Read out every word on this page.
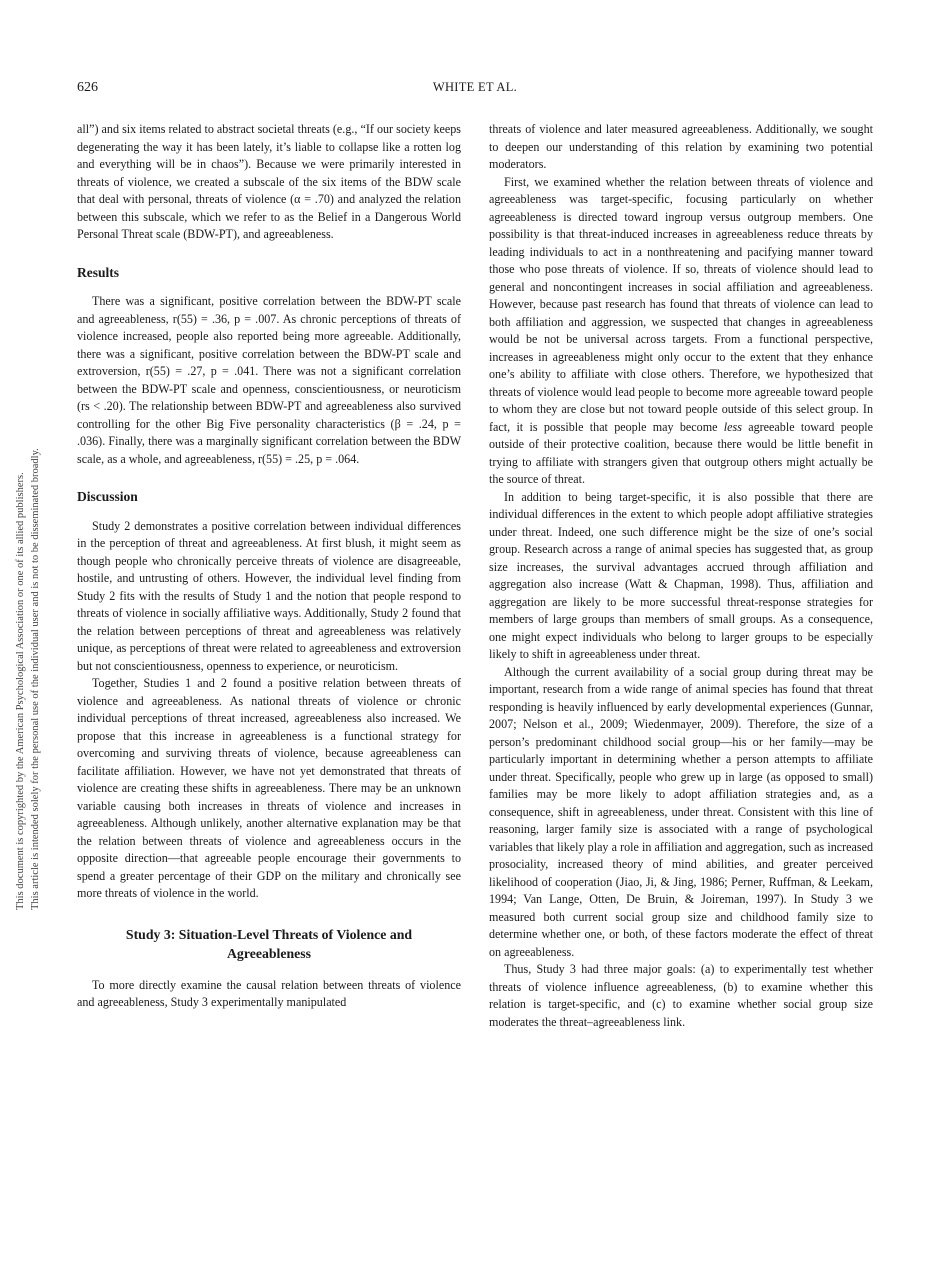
626	WHITE ET AL.
This document is copyrighted by the American Psychological Association or one of its allied publishers. This article is intended solely for the personal use of the individual user and is not to be disseminated broadly.

all”) and six items related to abstract societal threats (e.g., “If our society keeps degenerating the way it has been lately, it’s liable to collapse like a rotten log and everything will be in chaos”). Because we were primarily interested in threats of violence, we created a subscale of the six items of the BDW scale that deal with personal, threats of violence (α = .70) and analyzed the relation between this subscale, which we refer to as the Belief in a Dangerous World Personal Threat scale (BDW-PT), and agreeableness.

Results

There was a significant, positive correlation between the BDW-PT scale and agreeableness, r(55) = .36, p = .007. As chronic perceptions of threats of violence increased, people also reported being more agreeable. Additionally, there was a significant, positive correlation between the BDW-PT scale and extroversion, r(55) = .27, p = .041. There was not a significant correlation between the BDW-PT scale and openness, conscientiousness, or neuroticism (rs < .20). The relationship between BDW-PT and agreeableness also survived controlling for the other Big Five personality characteristics (β = .24, p = .036). Finally, there was a marginally significant correlation between the BDW scale, as a whole, and agreeableness, r(55) = .25, p = .064.

Discussion

Study 2 demonstrates a positive correlation between individual differences in the perception of threat and agreeableness. At first blush, it might seem as though people who chronically perceive threats of violence are disagreeable, hostile, and untrusting of others. However, the individual level finding from Study 2 fits with the results of Study 1 and the notion that people respond to threats of violence in socially affiliative ways. Additionally, Study 2 found that the relation between perceptions of threat and agreeableness was relatively unique, as perceptions of threat were related to agreeableness and extroversion but not conscientiousness, openness to experience, or neuroticism.

Together, Studies 1 and 2 found a positive relation between threats of violence and agreeableness. As national threats of violence or chronic individual perceptions of threat increased, agreeableness also increased. We propose that this increase in agreeableness is a functional strategy for overcoming and surviving threats of violence, because agreeableness can facilitate affiliation. However, we have not yet demonstrated that threats of violence are creating these shifts in agreeableness. There may be an unknown variable causing both increases in threats of violence and increases in agreeableness. Although unlikely, another alternative explanation may be that the relation between threats of violence and agreeableness occurs in the opposite direction—that agreeable people encourage their governments to spend a greater percentage of their GDP on the military and chronically see more threats of violence in the world.

Study 3: Situation-Level Threats of Violence and Agreeableness

To more directly examine the causal relation between threats of violence and agreeableness, Study 3 experimentally manipulated

threats of violence and later measured agreeableness. Additionally, we sought to deepen our understanding of this relation by examining two potential moderators.

First, we examined whether the relation between threats of violence and agreeableness was target-specific, focusing particularly on whether agreeableness is directed toward ingroup versus outgroup members. One possibility is that threat-induced increases in agreeableness reduce threats by leading individuals to act in a nonthreatening and pacifying manner toward those who pose threats of violence. If so, threats of violence should lead to general and noncontingent increases in social affiliation and agreeableness. However, because past research has found that threats of violence can lead to both affiliation and aggression, we suspected that changes in agreeableness would be not be universal across targets. From a functional perspective, increases in agreeableness might only occur to the extent that they enhance one’s ability to affiliate with close others. Therefore, we hypothesized that threats of violence would lead people to become more agreeable toward people to whom they are close but not toward people outside of this select group. In fact, it is possible that people may become less agreeable toward people outside of their protective coalition, because there would be little benefit in trying to affiliate with strangers given that outgroup others might actually be the source of threat.

In addition to being target-specific, it is also possible that there are individual differences in the extent to which people adopt affiliative strategies under threat. Indeed, one such difference might be the size of one’s social group. Research across a range of animal species has suggested that, as group size increases, the survival advantages accrued through affiliation and aggregation also increase (Watt & Chapman, 1998). Thus, affiliation and aggregation are likely to be more successful threat-response strategies for members of large groups than members of small groups. As a consequence, one might expect individuals who belong to larger groups to be especially likely to shift in agreeableness under threat.

Although the current availability of a social group during threat may be important, research from a wide range of animal species has found that threat responding is heavily influenced by early developmental experiences (Gunnar, 2007; Nelson et al., 2009; Wiedenmayer, 2009). Therefore, the size of a person’s predominant childhood social group—his or her family—may be particularly important in determining whether a person attempts to affiliate under threat. Specifically, people who grew up in large (as opposed to small) families may be more likely to adopt affiliation strategies and, as a consequence, shift in agreeableness, under threat. Consistent with this line of reasoning, larger family size is associated with a range of psychological variables that likely play a role in affiliation and aggregation, such as increased prosociality, increased theory of mind abilities, and greater perceived likelihood of cooperation (Jiao, Ji, & Jing, 1986; Perner, Ruffman, & Leekam, 1994; Van Lange, Otten, De Bruin, & Joireman, 1997). In Study 3 we measured both current social group size and childhood family size to determine whether one, or both, of these factors moderate the effect of threat on agreeableness.

Thus, Study 3 had three major goals: (a) to experimentally test whether threats of violence influence agreeableness, (b) to examine whether this relation is target-specific, and (c) to examine whether social group size moderates the threat–agreeableness link.
